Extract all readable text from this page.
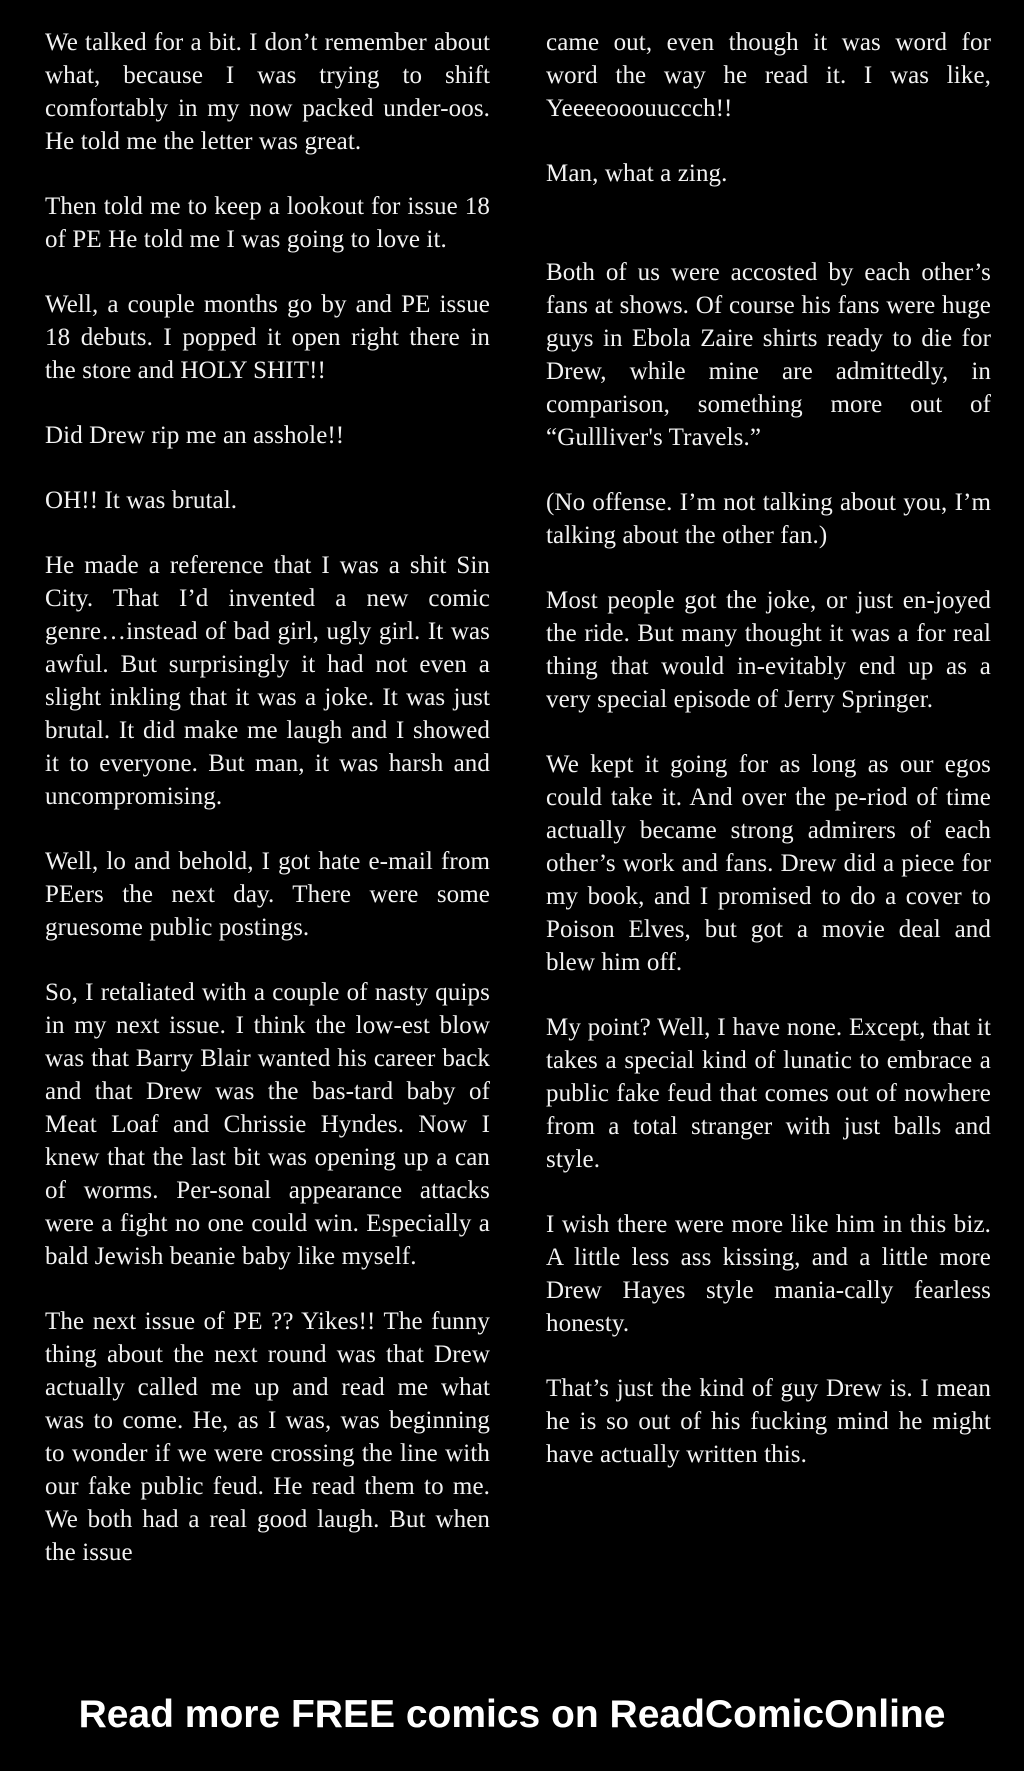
We talked for a bit. I don’t remember about what, because I was trying to shift comfortably in my now packed under-oos. He told me the letter was great.

Then told me to keep a lookout for issue 18 of PE He told me I was going to love it.

Well, a couple months go by and PE issue 18 debuts. I popped it open right there in the store and HOLY SHIT!!

Did Drew rip me an asshole!!

OH!! It was brutal.

He made a reference that I was a shit Sin City. That I’d invented a new comic genre…instead of bad girl, ugly girl. It was awful. But surprisingly it had not even a slight inkling that it was a joke. It was just brutal. It did make me laugh and I showed it to everyone. But man, it was harsh and uncompromising.

Well, lo and behold, I got hate e-mail from PEers the next day. There were some gruesome public postings.

So, I retaliated with a couple of nasty quips in my next issue. I think the low-est blow was that Barry Blair wanted his career back and that Drew was the bas-tard baby of Meat Loaf and Chrissie Hyndes. Now I knew that the last bit was opening up a can of worms. Per-sonal appearance attacks were a fight no one could win. Especially a bald Jewish beanie baby like myself.

The next issue of PE ?? Yikes!! The funny thing about the next round was that Drew actually called me up and read me what was to come. He, as I was, was beginning to wonder if we were crossing the line with our fake public feud. He read them to me. We both had a real good laugh. But when the issue

came out, even though it was word for word the way he read it. I was like, Yeeeeooouuccch!!

Man, what a zing.

Both of us were accosted by each other’s fans at shows. Of course his fans were huge guys in Ebola Zaire shirts ready to die for Drew, while mine are admittedly, in comparison, something more out of “Gullliver's Travels.”

(No offense. I’m not talking about you, I’m talking about the other fan.)

Most people got the joke, or just en-joyed the ride. But many thought it was a for real thing that would in-evitably end up as a very special episode of Jerry Springer.

We kept it going for as long as our egos could take it. And over the pe-riod of time actually became strong admirers of each other’s work and fans. Drew did a piece for my book, and I promised to do a cover to Poison Elves, but got a movie deal and blew him off.

My point? Well, I have none. Except, that it takes a special kind of lunatic to embrace a public fake feud that comes out of nowhere from a total stranger with just balls and style.

I wish there were more like him in this biz. A little less ass kissing, and a little more Drew Hayes style mania-cally fearless honesty.

That’s just the kind of guy Drew is. I mean he is so out of his fucking mind he might have actually written this.

Read more FREE comics on ReadComicOnline
